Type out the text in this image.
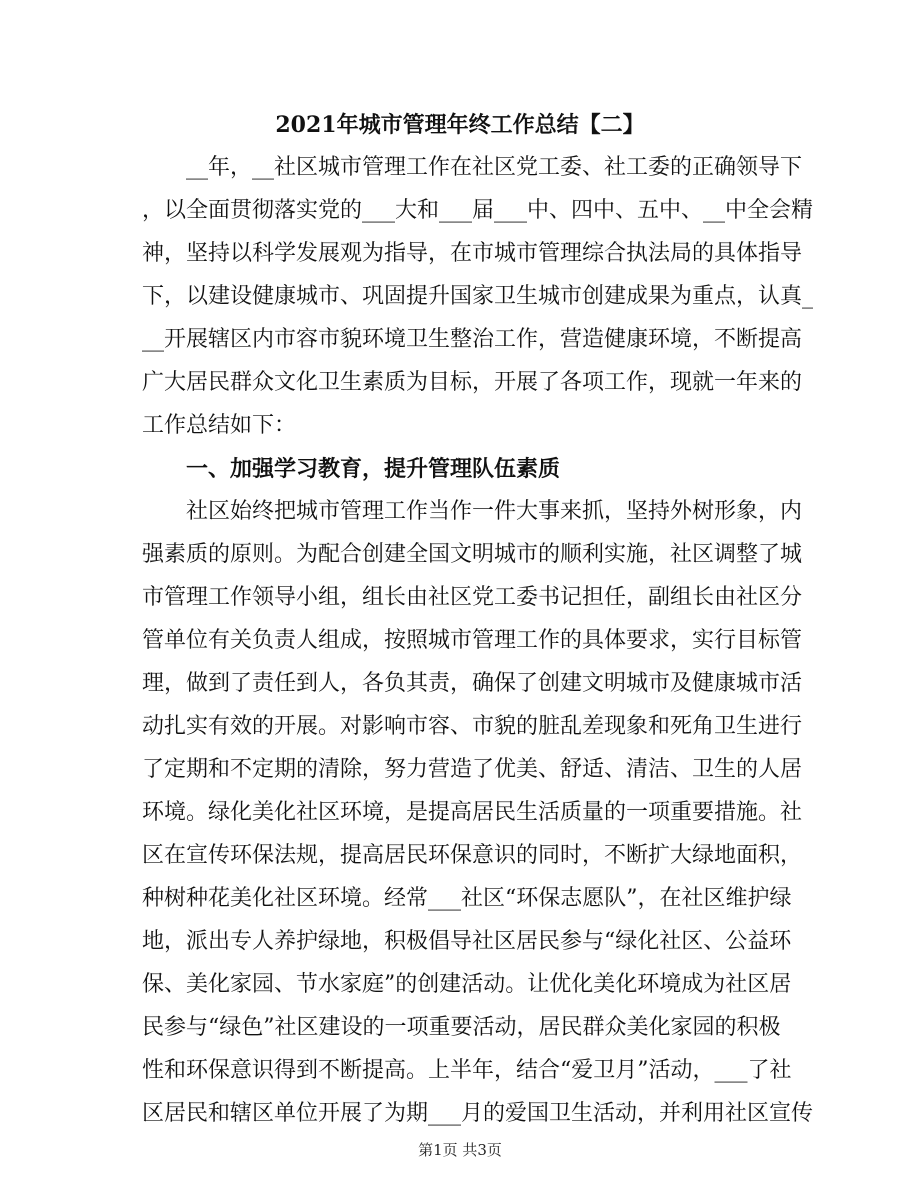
2021年城市管理年终工作总结【二】
　　__年，__社区城市管理工作在社区党工委、社工委的正确领导下
，以全面贯彻落实党的___大和___届___中、四中、五中、__中全会精
神，坚持以科学发展观为指导，在市城市管理综合执法局的具体指导
下，以建设健康城市、巩固提升国家卫生城市创建成果为重点，认真_
__开展辖区内市容市貌环境卫生整治工作，营造健康环境，不断提高
广大居民群众文化卫生素质为目标，开展了各项工作，现就一年来的
工作总结如下：
　　一、加强学习教育，提升管理队伍素质
　　社区始终把城市管理工作当作一件大事来抓，坚持外树形象，内
强素质的原则。为配合创建全国文明城市的顺利实施，社区调整了城
市管理工作领导小组，组长由社区党工委书记担任，副组长由社区分
管单位有关负责人组成，按照城市管理工作的具体要求，实行目标管
理，做到了责任到人，各负其责，确保了创建文明城市及健康城市活
动扎实有效的开展。对影响市容、市貌的脏乱差现象和死角卫生进行
了定期和不定期的清除，努力营造了优美、舒适、清洁、卫生的人居
环境。绿化美化社区环境，是提高居民生活质量的一项重要措施。社
区在宣传环保法规，提高居民环保意识的同时，不断扩大绿地面积，
种树种花美化社区环境。经常___社区“环保志愿队”，在社区维护绿
地，派出专人养护绿地，积极倡导社区居民参与“绿化社区、公益环
保、美化家园、节水家庭”的创建活动。让优化美化环境成为社区居
民参与“绿色”社区建设的一项重要活动，居民群众美化家园的积极
性和环保意识得到不断提高。上半年，结合“爱卫月”活动，___了社
区居民和辖区单位开展了为期___月的爱国卫生活动，并利用社区宣传
第1页 共3页
